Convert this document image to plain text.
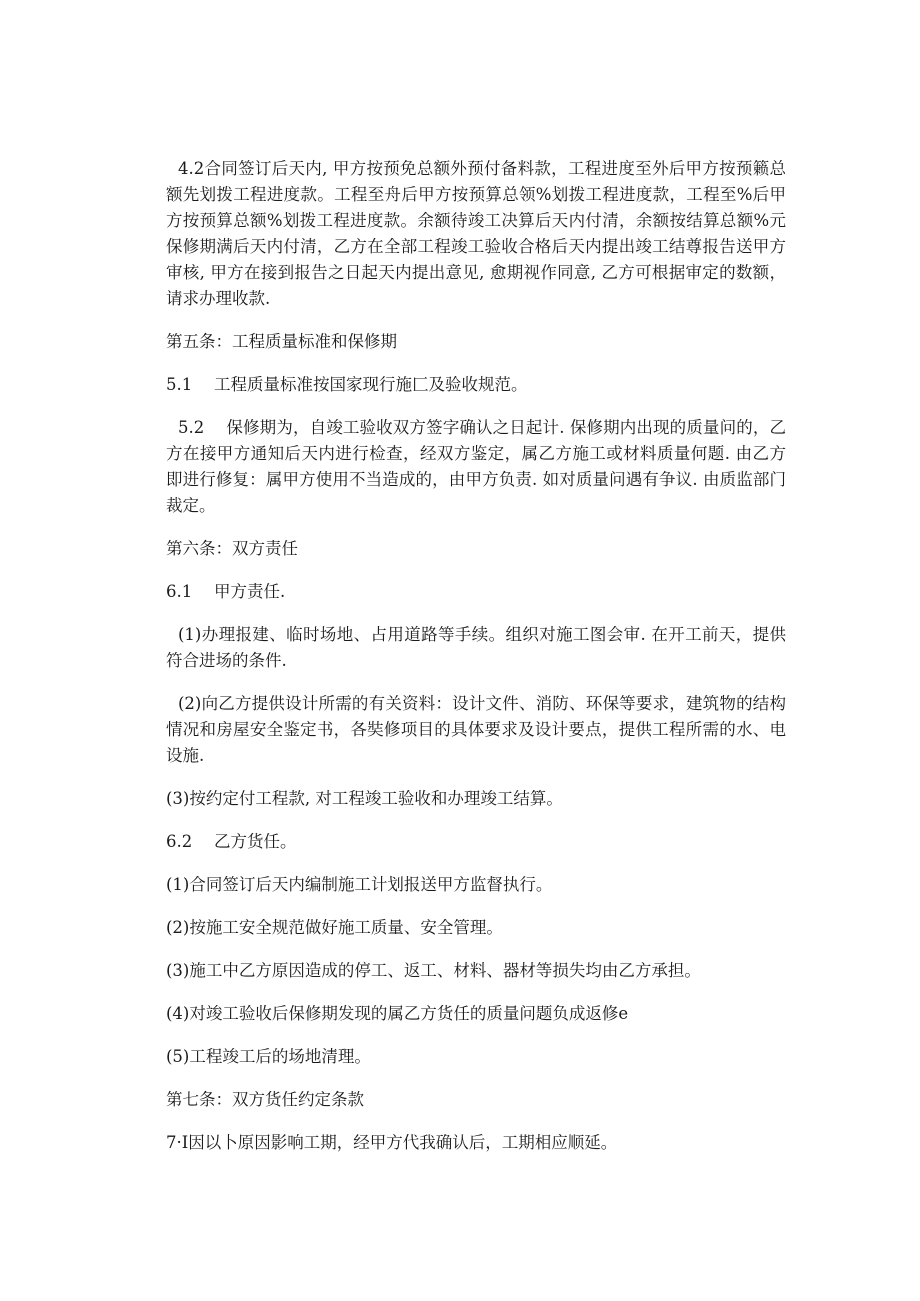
4.2合同签订后天内, 甲方按预免总额外预付备料款，工程进度至外后甲方按预籁总额先划拨工程进度款。工程至舟后甲方按预算总领%划拨工程进度款，工程至%后甲方按预算总额%划拨工程进度款。余额待竣工决算后天内付清，余额按结算总额%元保修期满后天内付清，乙方在全部工程竣工验收合格后天内提出竣工结尊报告送甲方审核, 甲方在接到报告之日起天内提出意见, 愈期视作同意, 乙方可根据审定的数额，请求办理收款.

第五条：工程质量标准和保修期

5.1　 工程质量标准按国家现行施匚及验收规范。

5.2　 保修期为，自竣工验收双方签字确认之日起计. 保修期内出现的质量问的，乙方在接甲方通知后天内进行检查，经双方鉴定，属乙方施工或材料质量何题. 由乙方即进行修复：属甲方使用不当造成的，由甲方负责. 如对质量问遇有争议. 由质监部门裁定。

第六条：双方责任

6.1　 甲方责任.

(1)办理报建、临时场地、占用道路等手续。组织对施工图会审. 在开工前天，提供符合进场的条件.

(2)向乙方提供设计所需的有关资料：设计文件、消防、环保等要求，建筑物的结构情况和房屋安全鉴定书，各奘修项目的具体要求及设计要点，提供工程所需的水、电设施.

(3)按约定付工程款, 对工程竣工验收和办理竣工结算。

6.2　 乙方货任。

(1)合同签订后天内编制施工计划报送甲方监督执行。

(2)按施工安全规范做好施工质量、安全管理。

(3)施工中乙方原因造成的停工、返工、材料、器材等损失均由乙方承担。

(4)对竣工验收后保修期发现的属乙方货任的质量问题负成返修e

(5)工程竣工后的场地清理。

第七条：双方货任约定条款

7·I因以卜原因影响工期，经甲方代我确认后，工期相应顺延。
